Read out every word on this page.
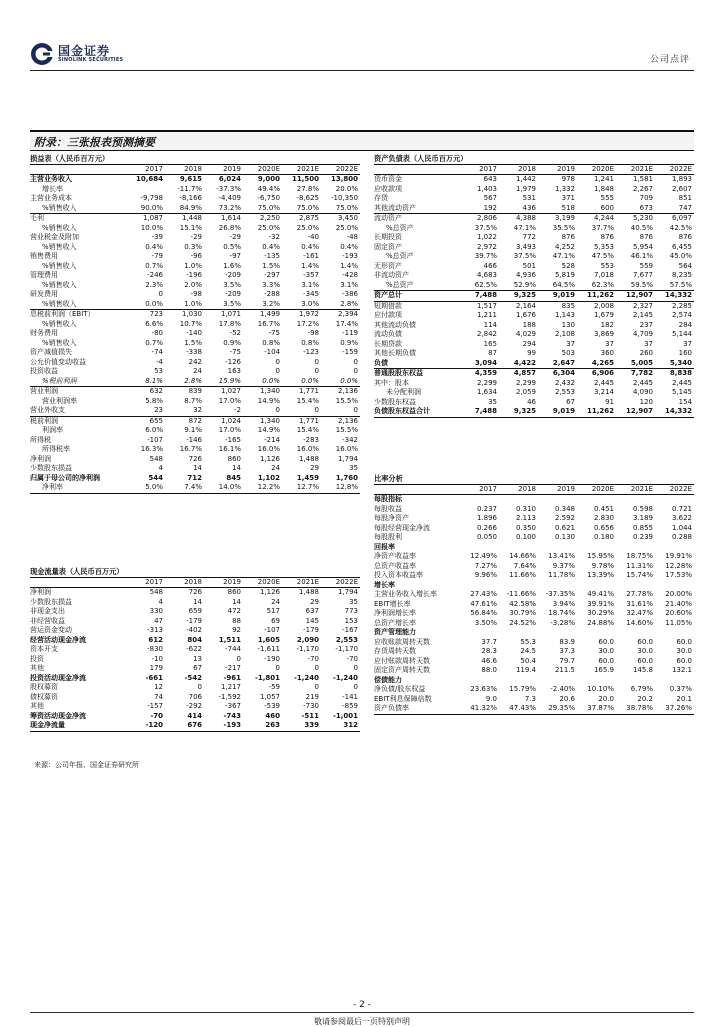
国金证券
SINOLINK SECURITIES	公司点评
附录：三张报表预测摘要
损益表（人民币百万元）						
	2017	2018	2019	2020E	2021E	2022E
主营业务收入	10,684	9,615	6,024	9,000	11,500	13,800
增长率		-11.7%	-37.3%	49.4%	27.8%	20.0%
主营业务成本	-9,798	-8,166	-4,409	-6,750	-8,625	-10,350
%销售收入	90.0%	84.9%	73.2%	75.0%	75.0%	75.0%
毛利	1,087	1,448	1,614	2,250	2,875	3,450
%销售收入	10.0%	15.1%	26.8%	25.0%	25.0%	25.0%
营业税金及附加	-39	-29	-29	-32	-40	-48
%销售收入	0.4%	0.3%	0.5%	0.4%	0.4%	0.4%
销售费用	-79	-96	-97	-135	-161	-193
%销售收入	0.7%	1.0%	1.6%	1.5%	1.4%	1.4%
管理费用	-246	-196	-209	-297	-357	-428
%销售收入	2.3%	2.0%	3.5%	3.3%	3.1%	3.1%
研发费用	0	-98	-209	-288	-345	-386
%销售收入	0.0%	1.0%	3.5%	3.2%	3.0%	2.8%
息税前利润（EBIT）	723	1,030	1,071	1,499	1,972	2,394
%销售收入	6.6%	10.7%	17.8%	16.7%	17.2%	17.4%
财务费用	-80	-140	-52	-75	-98	-119
%销售收入	0.7%	1.5%	0.9%	0.8%	0.8%	0.9%
资产减值损失	-74	-338	-75	-104	-123	-159
公允价值变动收益	-4	242	-126	0	0	0
投资收益	53	24	163	0	0	0
%税前利润	8.1%	2.8%	15.9%	0.0%	0.0%	0.0%
营业利润	632	839	1,027	1,340	1,771	2,136
营业利润率	5.8%	8.7%	17.0%	14.9%	15.4%	15.5%
营业外收支	23	32	-2	0	0	0
税前利润	655	872	1,024	1,340	1,771	2,136
利润率	6.0%	9.1%	17.0%	14.9%	15.4%	15.5%
所得税	-107	-146	-165	-214	-283	-342
所得税率	16.3%	16.7%	16.1%	16.0%	16.0%	16.0%
净利润	548	726	860	1,126	1,488	1,794
少数股东损益	4	14	14	24	29	35
归属于母公司的净利润	544	712	845	1,102	1,459	1,760
净利率	5.0%	7.4%	14.0%	12.2%	12.7%	12.8%
现金流量表（人民币百万元）						
	2017	2018	2019	2020E	2021E	2022E
净利润	548	726	860	1,126	1,488	1,794
少数股东损益	4	14	14	24	29	35
非现金支出	330	659	472	517	637	773
非经营收益	47	-179	88	69	145	153
营运资金变动	-313	-402	92	-107	-179	-167
经营活动现金净流	612	804	1,511	1,605	2,090	2,553
资本开支	-830	-622	-744	-1,611	-1,170	-1,170
投资	-10	13	0	-190	-70	-70
其他	179	67	-217	0	0	0
投资活动现金净流	-661	-542	-961	-1,801	-1,240	-1,240
股权募资	12	0	1,217	-59	0	0
债权募资	74	706	-1,592	1,057	219	-141
其他	-157	-292	-367	-539	-730	-859
筹资活动现金净流	-70	414	-743	460	-511	-1,001
现金净流量	-120	676	-193	263	339	312
资产负债表（人民币百万元）						
	2017	2018	2019	2020E	2021E	2022E
货币资金	643	1,442	978	1,241	1,581	1,893
应收款项	1,403	1,979	1,332	1,848	2,267	2,607
存货	567	531	371	555	709	851
其他流动资产	192	436	518	600	673	747
流动资产	2,806	4,388	3,199	4,244	5,230	6,097
%总资产	37.5%	47.1%	35.5%	37.7%	40.5%	42.5%
长期投资	1,022	772	876	876	876	876
固定资产	2,972	3,493	4,252	5,353	5,954	6,455
%总资产	39.7%	37.5%	47.1%	47.5%	46.1%	45.0%
无形资产	466	501	528	553	559	564
非流动资产	4,683	4,936	5,819	7,018	7,677	8,235
%总资产	62.5%	52.9%	64.5%	62.3%	59.5%	57.5%
资产总计	7,488	9,325	9,019	11,262	12,907	14,332
短期借款	1,517	2,164	835	2,008	2,327	2,285
应付款项	1,211	1,676	1,143	1,679	2,145	2,574
其他流动负债	114	188	130	182	237	284
流动负债	2,842	4,029	2,108	3,869	4,709	5,144
长期贷款	165	294	37	37	37	37
其他长期负债	87	99	503	360	260	160
负债	3,094	4,422	2,647	4,265	5,005	5,340
普通股股东权益	4,359	4,857	6,304	6,906	7,782	8,838
其中：股本	2,299	2,299	2,432	2,445	2,445	2,445
未分配利润	1,634	2,059	2,553	3,214	4,090	5,145
少数股东权益	35	46	67	91	120	154
负债股东权益合计	7,488	9,325	9,019	11,262	12,907	14,332
比率分析						
	2017	2018	2019	2020E	2021E	2022E
每股指标						
每股收益	0.237	0.310	0.348	0.451	0.598	0.721
每股净资产	1.896	2.113	2.592	2.830	3.189	3.622
每股经营现金净流	0.266	0.350	0.621	0.656	0.855	1.044
每股股利	0.050	0.100	0.130	0.180	0.239	0.288
回报率						
净资产收益率	12.49%	14.66%	13.41%	15.95%	18.75%	19.91%
总资产收益率	7.27%	7.64%	9.37%	9.78%	11.31%	12.28%
投入资本收益率	9.96%	11.66%	11.78%	13.39%	15.74%	17.53%
增长率						
主营业务收入增长率	27.43%	-11.66%	-37.35%	49.41%	27.78%	20.00%
EBIT增长率	47.61%	42.58%	3.94%	39.91%	31.61%	21.40%
净利润增长率	56.84%	30.79%	18.74%	30.29%	32.47%	20.60%
总资产增长率	3.50%	24.52%	-3.28%	24.88%	14.60%	11.05%
资产管理能力						
应收账款周转天数	37.7	55.3	83.9	60.0	60.0	60.0
存货周转天数	28.3	24.5	37.3	30.0	30.0	30.0
应付账款周转天数	46.6	50.4	79.7	60.0	60.0	60.0
固定资产周转天数	88.0	119.4	211.5	165.9	145.8	132.1
偿债能力						
净负债/股东权益	23.63%	15.79%	-2.40%	10.10%	6.79%	0.37%
EBIT利息保障倍数	9.0	7.3	20.6	20.0	20.2	20.1
资产负债率	41.32%	47.43%	29.35%	37.87%	38.78%	37.26%
来源：公司年报、国金证券研究所
- 2 -
敬请参阅最后一页特别声明
